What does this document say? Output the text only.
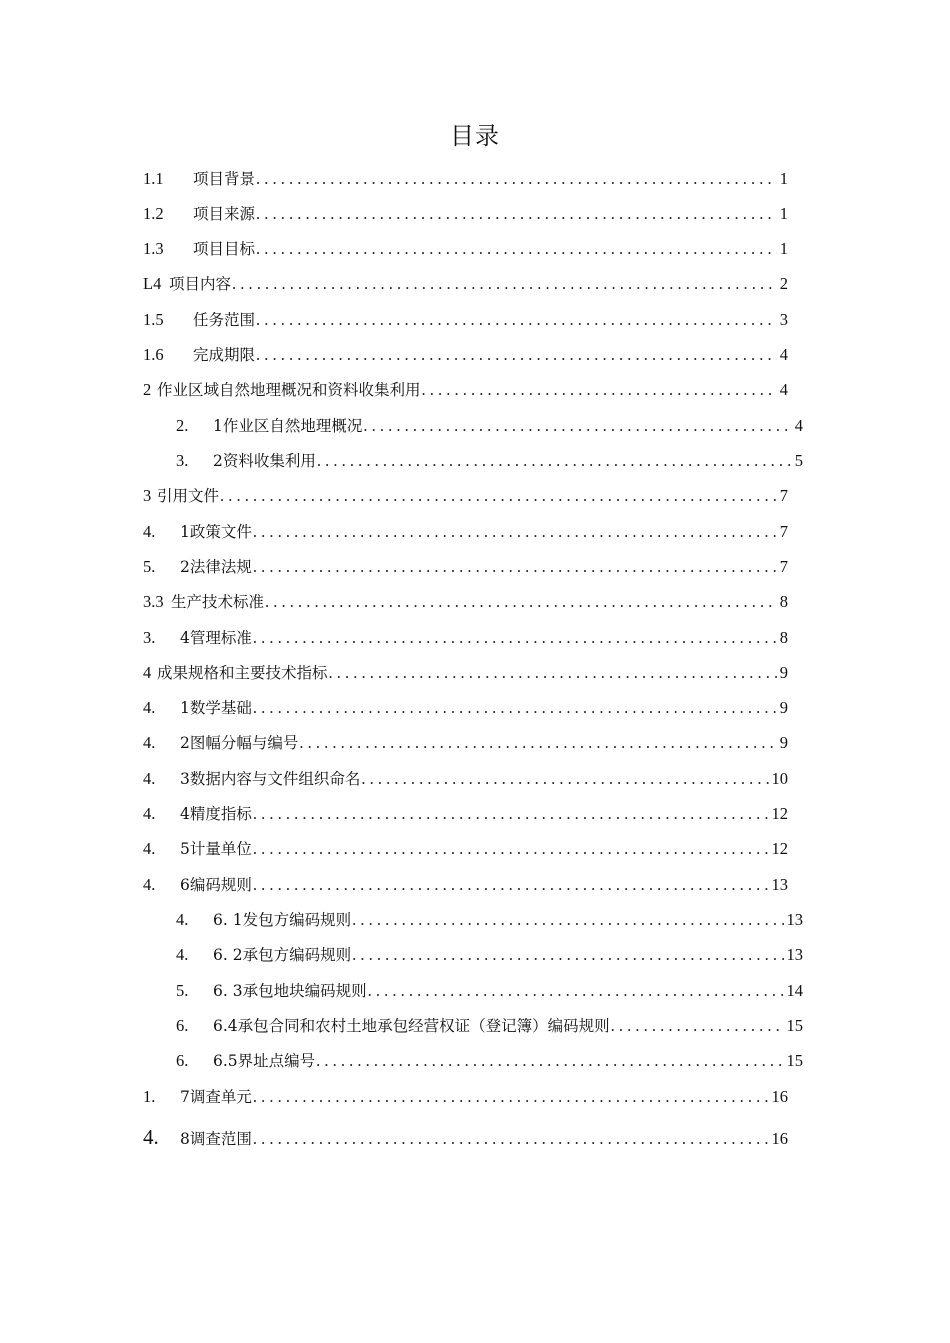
目录
1.1	项目背景 . . .	1
1.2	项目来源 . . .	1
1.3	项目目标 . . .	1
L4 项目内容 . . .	2
1.5	任务范围 . . .	3
1.6	完成期限 . . .	4
2 作业区域自然地理概况和资料收集利用 . . .	4
2.	1作业区自然地理概况 . . .	4
3.	2资料收集利用 . . .	5
3 引用文件 . . .	7
4.	1政策文件 . . .	7
5.	2法律法规 . . .	7
3.3 生产技术标准 . . .	8
3.	4管理标准 . . .	8
4 成果规格和主要技术指标 . . .	9
4.	1数学基础 . . .	9
4.	2图幅分幅与编号 . . .	9
4.	3数据内容与文件组织命名 . . .	10
4.	4精度指标 . . .	12
4.	5计量单位 . . .	12
4.	6编码规则 . . .	13
4.	6. 1发包方编码规则 . . .	13
4.	6. 2承包方编码规则 . . .	13
5.	6. 3承包地块编码规则 . . .	14
6.	6.4承包合同和农村土地承包经营权证（登记簿）编码规则 . . .	15
6.	6.5界址点编号 . . .	15
1.	7调查单元 . . .	16
4.	8调查范围 . . .	16
